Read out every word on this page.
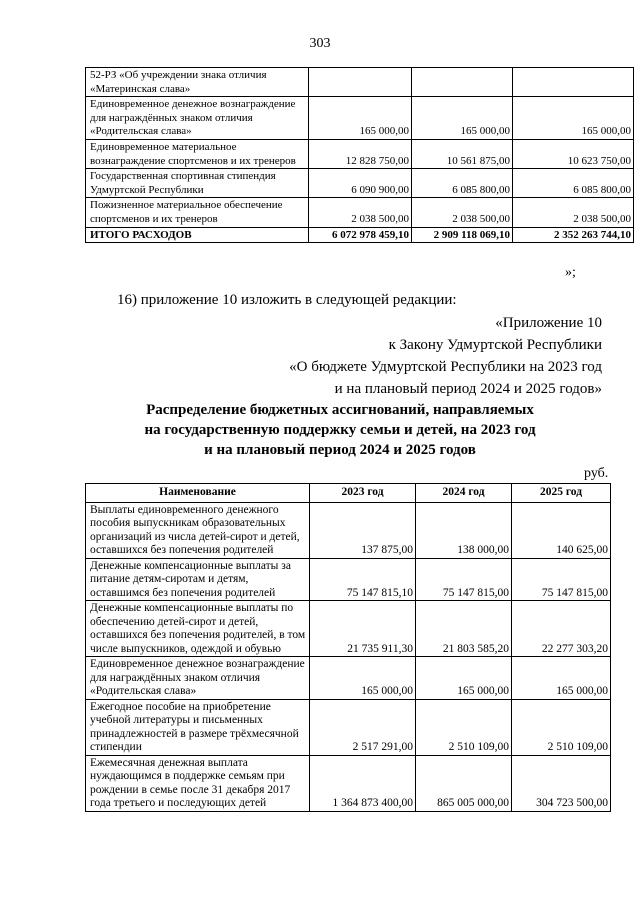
303
52-РЗ «Об учреждении знака отличия «Материнская слава»			
Единовременное денежное вознаграждение для награждённых знаком отличия «Родительская слава»	165 000,00	165 000,00	165 000,00
Единовременное материальное вознаграждение спортсменов и их тренеров	12 828 750,00	10 561 875,00	10 623 750,00
Государственная спортивная стипендия Удмуртской Республики	6 090 900,00	6 085 800,00	6 085 800,00
Пожизненное материальное обеспечение спортсменов и их тренеров	2 038 500,00	2 038 500,00	2 038 500,00
ИТОГО РАСХОДОВ	6 072 978 459,10	2 909 118 069,10	2 352 263 744,10
»;
16) приложение 10 изложить в следующей редакции:
«Приложение 10
к Закону Удмуртской Республики
«О бюджете Удмуртской Республики на 2023 год
и на плановый период 2024 и 2025 годов»
Распределение бюджетных ассигнований, направляемых
на государственную поддержку семьи и детей, на 2023 год
и на плановый период 2024 и 2025 годов
руб.
Наименование	2023 год	2024 год	2025 год
Выплаты единовременного денежного пособия выпускникам образовательных организаций из числа детей-сирот и детей, оставшихся без попечения родителей	137 875,00	138 000,00	140 625,00
Денежные компенсационные выплаты за питание детям-сиротам и детям, оставшимся без попечения родителей	75 147 815,10	75 147 815,00	75 147 815,00
Денежные компенсационные выплаты по обеспечению детей-сирот и детей, оставшихся без попечения родителей, в том числе выпускников, одеждой и обувью	21 735 911,30	21 803 585,20	22 277 303,20
Единовременное денежное вознаграждение для награждённых знаком отличия «Родительская слава»	165 000,00	165 000,00	165 000,00
Ежегодное пособие на приобретение учебной литературы и письменных принадлежностей в размере трёхмесячной стипендии	2 517 291,00	2 510 109,00	2 510 109,00
Ежемесячная денежная выплата нуждающимся в поддержке семьям при рождении в семье после 31 декабря 2017 года третьего и последующих детей	1 364 873 400,00	865 005 000,00	304 723 500,00
